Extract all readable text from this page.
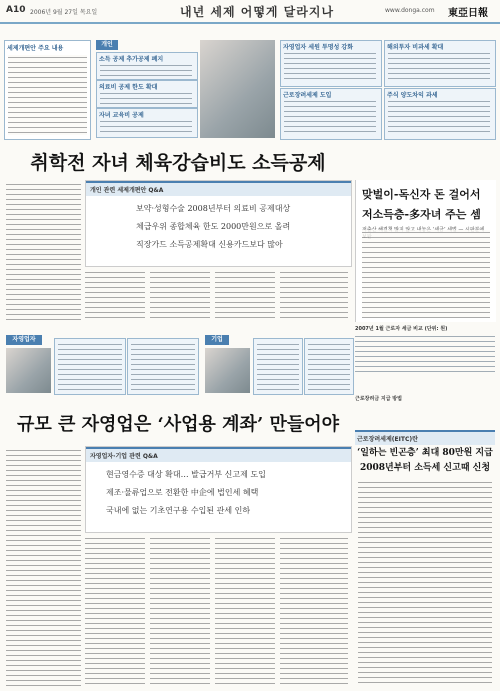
A10 2006년 9월 27일 목요일	내년 세제 어떻게 달라지나	www.donga.com 東亞日報
세제개편안 주요 내용
개인
소득 공제 추가공제 폐지
의료비 공제 한도 확대
자녀 교육비 공제
자영업자 세원 투명성 강화
근로장려세제 도입
해외투자 비과세 확대
주식 양도차익 과세
취학전 자녀 체육강습비도 소득공제
개인 관련 세제개편안 Q&A
보약·성형수술 2008년부터 의료비 공제대상
체급우위 종합체육 한도 2000만원으로 올려
직장가드 소득공제확대 신용카드보다 많아
맞벌이-독신자 돈 걸어서
저소득층-多자녀 주는 셈
2007년 1월 근로자 세금 비교 (단위: 원)
자영업자	기업
규모 큰 자영업은 ‘사업용 계좌’ 만들어야
자영업자·기업 관련 Q&A
현금영수증 대상 확대… 발급거부 신고제 도입
제조·물류업으로 전환한 中企에 법인세 혜택
국내에 없는 기초연구용 수입된 관세 인하
근로장려세제(EITC)란
‘일하는 빈곤층’ 최대 80만원 지급
2008년부터 소득세 신고때 신청
근로장려금 지급 방법
